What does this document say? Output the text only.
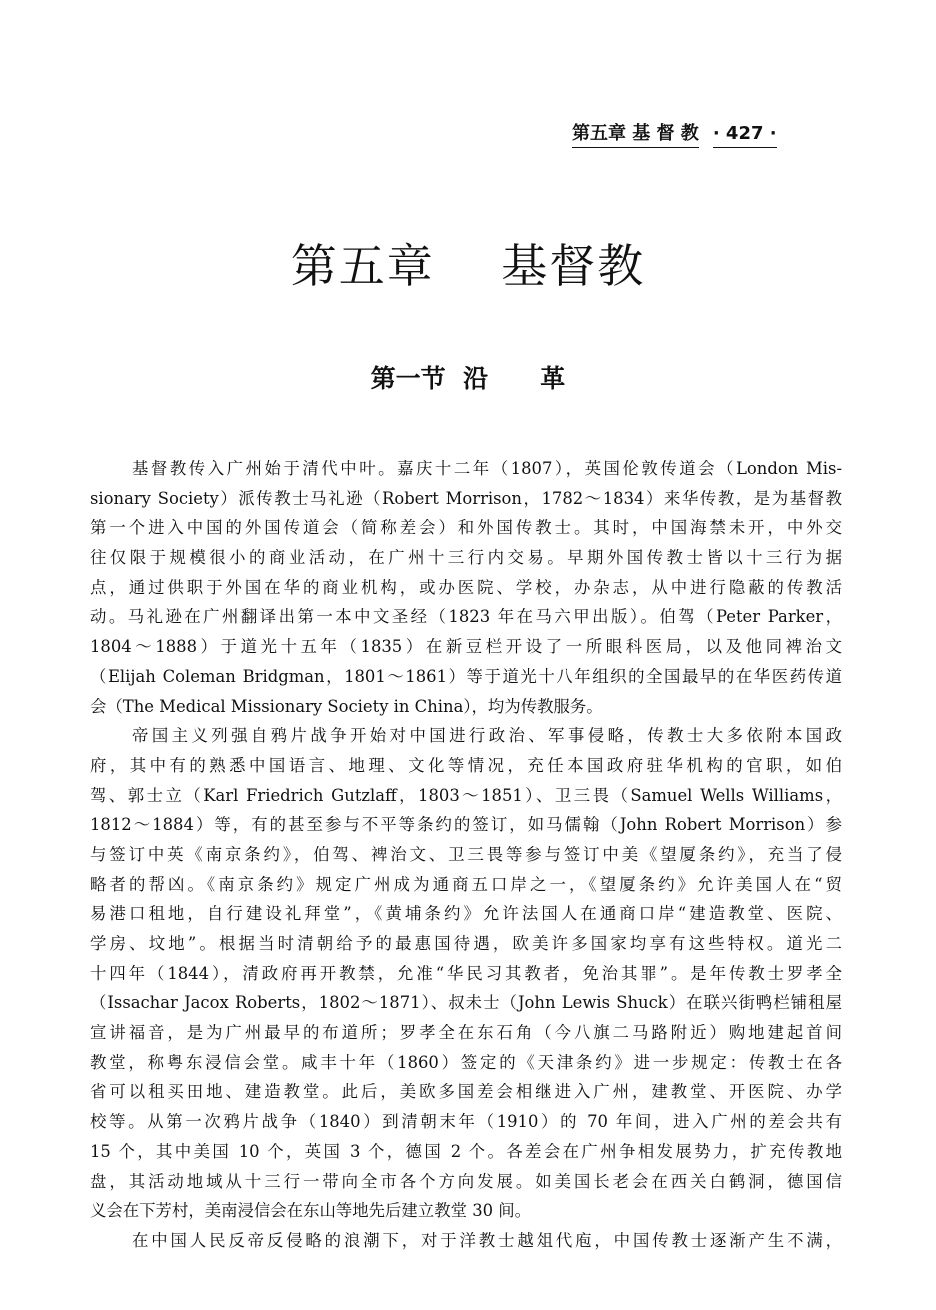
第五章 基 督 教 · 427 ·
第五章    基督教
第一节  沿      革
基督教传入广州始于清代中叶。嘉庆十二年（1807），英国伦敦传道会（London Mis-
sionary Society）派传教士马礼逊（Robert Morrison，1782～1834）来华传教，是为基督教
第一个进入中国的外国传道会（简称差会）和外国传教士。其时，中国海禁未开，中外交
往仅限于规模很小的商业活动，在广州十三行内交易。早期外国传教士皆以十三行为据
点，通过供职于外国在华的商业机构，或办医院、学校，办杂志，从中进行隐蔽的传教活
动。马礼逊在广州翻译出第一本中文圣经（1823 年在马六甲出版）。伯驾（Peter Parker，
1804～1888）于道光十五年（1835）在新豆栏开设了一所眼科医局，以及他同裨治文
（Elijah Coleman Bridgman，1801～1861）等于道光十八年组织的全国最早的在华医药传道
会（The Medical Missionary Society in China），均为传教服务。
帝国主义列强自鸦片战争开始对中国进行政治、军事侵略，传教士大多依附本国政
府，其中有的熟悉中国语言、地理、文化等情况，充任本国政府驻华机构的官职，如伯
驾、郭士立（Karl Friedrich Gutzlaff，1803～1851）、卫三畏（Samuel Wells Williams，
1812～1884）等，有的甚至参与不平等条约的签订，如马儒翰（John Robert Morrison）参
与签订中英《南京条约》，伯驾、裨治文、卫三畏等参与签订中美《望厦条约》，充当了侵
略者的帮凶。《南京条约》规定广州成为通商五口岸之一，《望厦条约》允许美国人在“贸
易港口租地，自行建设礼拜堂”，《黄埔条约》允许法国人在通商口岸“建造教堂、医院、
学房、坟地”。根据当时清朝给予的最惠国待遇，欧美许多国家均享有这些特权。道光二
十四年（1844），清政府再开教禁，允准“华民习其教者，免治其罪”。是年传教士罗孝全
（Issachar Jacox Roberts，1802～1871）、叔未士（John Lewis Shuck）在联兴街鸭栏铺租屋
宣讲福音，是为广州最早的布道所；罗孝全在东石角（今八旗二马路附近）购地建起首间
教堂，称粤东浸信会堂。咸丰十年（1860）签定的《天津条约》进一步规定：传教士在各
省可以租买田地、建造教堂。此后，美欧多国差会相继进入广州，建教堂、开医院、办学
校等。从第一次鸦片战争（1840）到清朝末年（1910）的 70 年间，进入广州的差会共有
15 个，其中美国 10 个，英国 3 个，德国 2 个。各差会在广州争相发展势力，扩充传教地
盘，其活动地域从十三行一带向全市各个方向发展。如美国长老会在西关白鹤洞，德国信
义会在下芳村，美南浸信会在东山等地先后建立教堂 30 间。
在中国人民反帝反侵略的浪潮下，对于洋教士越俎代庖，中国传教士逐渐产生不满，
